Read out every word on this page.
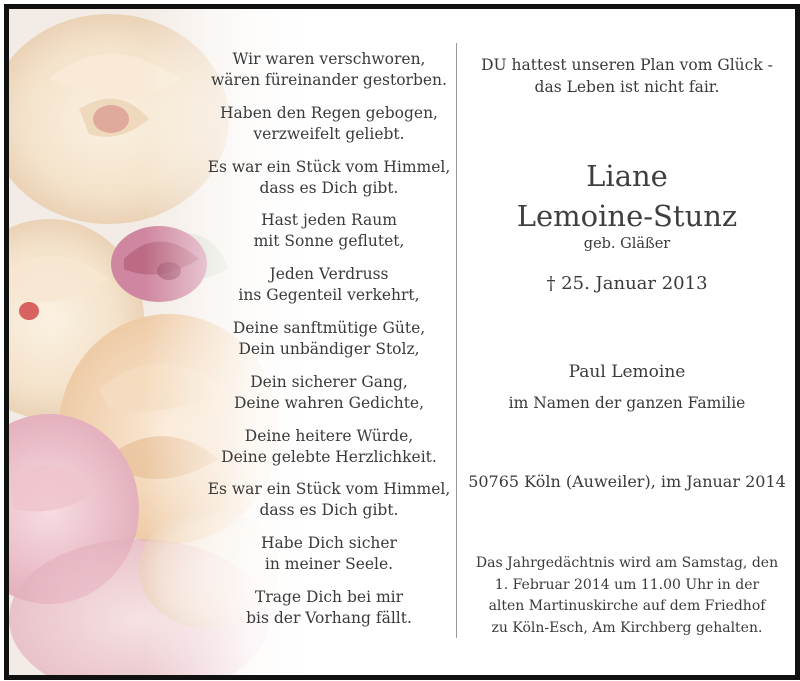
Wir waren verschworen,
wären füreinander gestorben.
Haben den Regen gebogen,
verzweifelt geliebt.
Es war ein Stück vom Himmel,
dass es Dich gibt.
Hast jeden Raum
mit Sonne geflutet,
Jeden Verdruss
ins Gegenteil verkehrt,
Deine sanftmütige Güte,
Dein unbändiger Stolz,
Dein sicherer Gang,
Deine wahren Gedichte,
Deine heitere Würde,
Deine gelebte Herzlichkeit.
Es war ein Stück vom Himmel,
dass es Dich gibt.
Habe Dich sicher
in meiner Seele.
Trage Dich bei mir
bis der Vorhang fällt.
DU hattest unseren Plan vom Glück -
das Leben ist nicht fair.
Liane
Lemoine-Stunz
geb. Gläßer
† 25. Januar 2013
Paul Lemoine
im Namen der ganzen Familie
50765 Köln (Auweiler), im Januar 2014
Das Jahrgedächtnis wird am Samstag, den
1. Februar 2014 um 11.00 Uhr in der
alten Martinuskirche auf dem Friedhof
zu Köln-Esch, Am Kirchberg gehalten.
